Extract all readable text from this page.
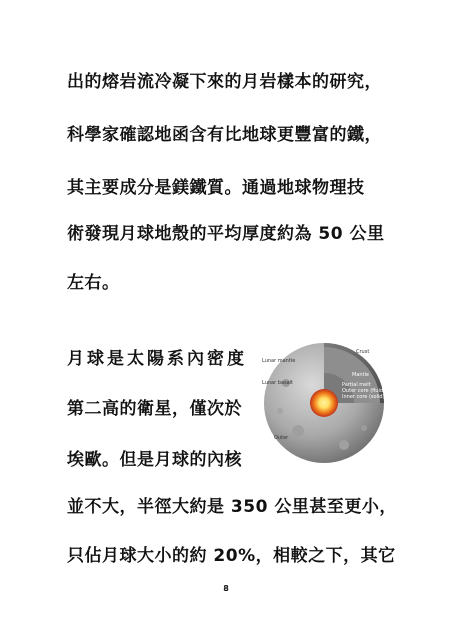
出的熔岩流冷凝下來的月岩樣本的研究，
科學家確認地函含有比地球更豐富的鐵，
其主要成分是鎂鐵質。通過地球物理技
術發現月球地殼的平均厚度約為 50 公里
左右。
月球是太陽系內密度
第二高的衛星，僅次於
埃歐。但是月球的內核
並不大，半徑大約是 350 公里甚至更小，
只佔月球大小的約 20%，相較之下，其它
Lunar mantle
Crust
Mantle
Partial melt
Outer core (fluid)
Inner core (solid)
Lunar basalt
Outer
8
